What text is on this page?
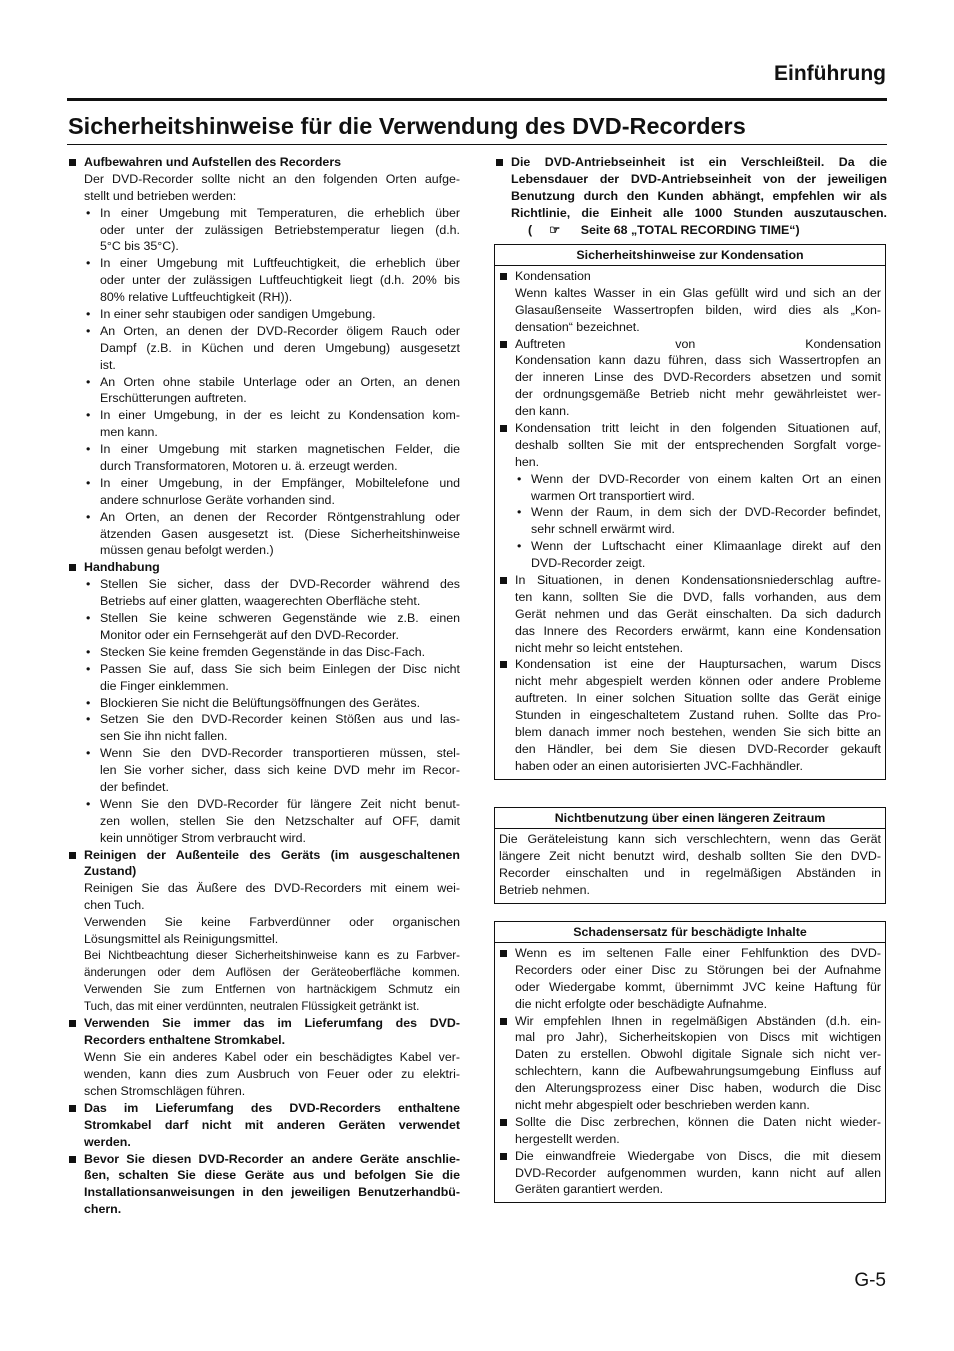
Einführung
Sicherheitshinweise für die Verwendung des DVD-Recorders
Aufbewahren und Aufstellen des Recorders
Der DVD-Recorder sollte nicht an den folgenden Orten aufge-
stellt und betrieben werden:
• In einer Umgebung mit Temperaturen, die erheblich über
oder unter der zulässigen Betriebstemperatur liegen (d.h.
5°C bis 35°C).
• In einer Umgebung mit Luftfeuchtigkeit, die erheblich über
oder unter der zulässigen Luftfeuchtigkeit liegt (d.h. 20% bis
80% relative Luftfeuchtigkeit (RH)).
• In einer sehr staubigen oder sandigen Umgebung.
• An Orten, an denen der DVD-Recorder öligem Rauch oder
Dampf (z.B. in Küchen und deren Umgebung) ausgesetzt
ist.
• An Orten ohne stabile Unterlage oder an Orten, an denen
Erschütterungen auftreten.
• In einer Umgebung, in der es leicht zu Kondensation kom-
men kann.
• In einer Umgebung mit starken magnetischen Felder, die
durch Transformatoren, Motoren u. ä. erzeugt werden.
• In einer Umgebung, in der Empfänger, Mobiltelefone und
andere schnurlose Geräte vorhanden sind.
• An Orten, an denen der Recorder Röntgenstrahlung oder
ätzenden Gasen ausgesetzt ist. (Diese Sicherheitshinweise
müssen genau befolgt werden.)
Handhabung
• Stellen Sie sicher, dass der DVD-Recorder während des
Betriebs auf einer glatten, waagerechten Oberfläche steht.
• Stellen Sie keine schweren Gegenstände wie z.B. einen
Monitor oder ein Fernsehgerät auf den DVD-Recorder.
• Stecken Sie keine fremden Gegenstände in das Disc-Fach.
• Passen Sie auf, dass Sie sich beim Einlegen der Disc nicht
die Finger einklemmen.
• Blockieren Sie nicht die Belüftungsöffnungen des Gerätes.
• Setzen Sie den DVD-Recorder keinen Stößen aus und las-
sen Sie ihn nicht fallen.
• Wenn Sie den DVD-Recorder transportieren müssen, stel-
len Sie vorher sicher, dass sich keine DVD mehr im Recor-
der befindet.
• Wenn Sie den DVD-Recorder für längere Zeit nicht benut-
zen wollen, stellen Sie den Netzschalter auf OFF, damit
kein unnötiger Strom verbraucht wird.
Reinigen der Außenteile des Geräts (im ausgeschaltenen
Zustand)
Reinigen Sie das Äußere des DVD-Recorders mit einem wei-
chen Tuch.
Verwenden Sie keine Farbverdünner oder organischen
Lösungsmittel als Reinigungsmittel.
Bei Nichtbeachtung dieser Sicherheitshinweise kann es zu Farbver-
änderungen oder dem Auflösen der Geräteoberfläche kommen.
Verwenden Sie zum Entfernen von hartnäckigem Schmutz ein
Tuch, das mit einer verdünnten, neutralen Flüssigkeit getränkt ist.
Verwenden Sie immer das im Lieferumfang des DVD-
Recorders enthaltene Stromkabel.
Wenn Sie ein anderes Kabel oder ein beschädigtes Kabel ver-
wenden, kann dies zum Ausbruch von Feuer oder zu elektri-
schen Stromschlägen führen.
Das im Lieferumfang des DVD-Recorders enthaltene
Stromkabel darf nicht mit anderen Geräten verwendet
werden.
Bevor Sie diesen DVD-Recorder an andere Geräte anschlie-
ßen, schalten Sie diese Geräte aus und befolgen Sie die
Installationsanweisungen in den jeweiligen Benutzerhandbü-
chern.
Die DVD-Antriebseinheit ist ein Verschleißteil. Da die
Lebensdauer der DVD-Antriebseinheit von der jeweiligen
Benutzung durch den Kunden abhängt, empfehlen wir als
Richtlinie, die Einheit alle 1000 Stunden auszutauschen.
( ☞ Seite 68 „TOTAL RECORDING TIME“)
Sicherheitshinweise zur Kondensation
Kondensation
Wenn kaltes Wasser in ein Glas gefüllt wird und sich an der
Glasaußenseite Wassertropfen bilden, wird dies als „Kon-
densation“ bezeichnet.
Auftreten von Kondensation
Kondensation kann dazu führen, dass sich Wassertropfen an
der inneren Linse des DVD-Recorders absetzen und somit
der ordnungsgemäße Betrieb nicht mehr gewährleistet wer-
den kann.
Kondensation tritt leicht in den folgenden Situationen auf,
deshalb sollten Sie mit der entsprechenden Sorgfalt vorge-
hen.
• Wenn der DVD-Recorder von einem kalten Ort an einen
warmen Ort transportiert wird.
• Wenn der Raum, in dem sich der DVD-Recorder befindet,
sehr schnell erwärmt wird.
• Wenn der Luftschacht einer Klimaanlage direkt auf den
DVD-Recorder zeigt.
In Situationen, in denen Kondensationsniederschlag auftre-
ten kann, sollten Sie die DVD, falls vorhanden, aus dem
Gerät nehmen und das Gerät einschalten. Da sich dadurch
das Innere des Recorders erwärmt, kann eine Kondensation
nicht mehr so leicht entstehen.
Kondensation ist eine der Hauptursachen, warum Discs
nicht mehr abgespielt werden können oder andere Probleme
auftreten. In einer solchen Situation sollte das Gerät einige
Stunden in eingeschaltetem Zustand ruhen. Sollte das Pro-
blem danach immer noch bestehen, wenden Sie sich bitte an
den Händler, bei dem Sie diesen DVD-Recorder gekauft
haben oder an einen autorisierten JVC-Fachhändler.
Nichtbenutzung über einen längeren Zeitraum
Die Geräteleistung kann sich verschlechtern, wenn das Gerät
längere Zeit nicht benutzt wird, deshalb sollten Sie den DVD-
Recorder einschalten und in regelmäßigen Abständen in
Betrieb nehmen.
Schadensersatz für beschädigte Inhalte
Wenn es im seltenen Falle einer Fehlfunktion des DVD-
Recorders oder einer Disc zu Störungen bei der Aufnahme
oder Wiedergabe kommt, übernimmt JVC keine Haftung für
die nicht erfolgte oder beschädigte Aufnahme.
Wir empfehlen Ihnen in regelmäßigen Abständen (d.h. ein-
mal pro Jahr), Sicherheitskopien von Discs mit wichtigen
Daten zu erstellen. Obwohl digitale Signale sich nicht ver-
schlechtern, kann die Aufbewahrungsumgebung Einfluss auf
den Alterungsprozess einer Disc haben, wodurch die Disc
nicht mehr abgespielt oder beschrieben werden kann.
Sollte die Disc zerbrechen, können die Daten nicht wieder-
hergestellt werden.
Die einwandfreie Wiedergabe von Discs, die mit diesem
DVD-Recorder aufgenommen wurden, kann nicht auf allen
Geräten garantiert werden.
G-5
